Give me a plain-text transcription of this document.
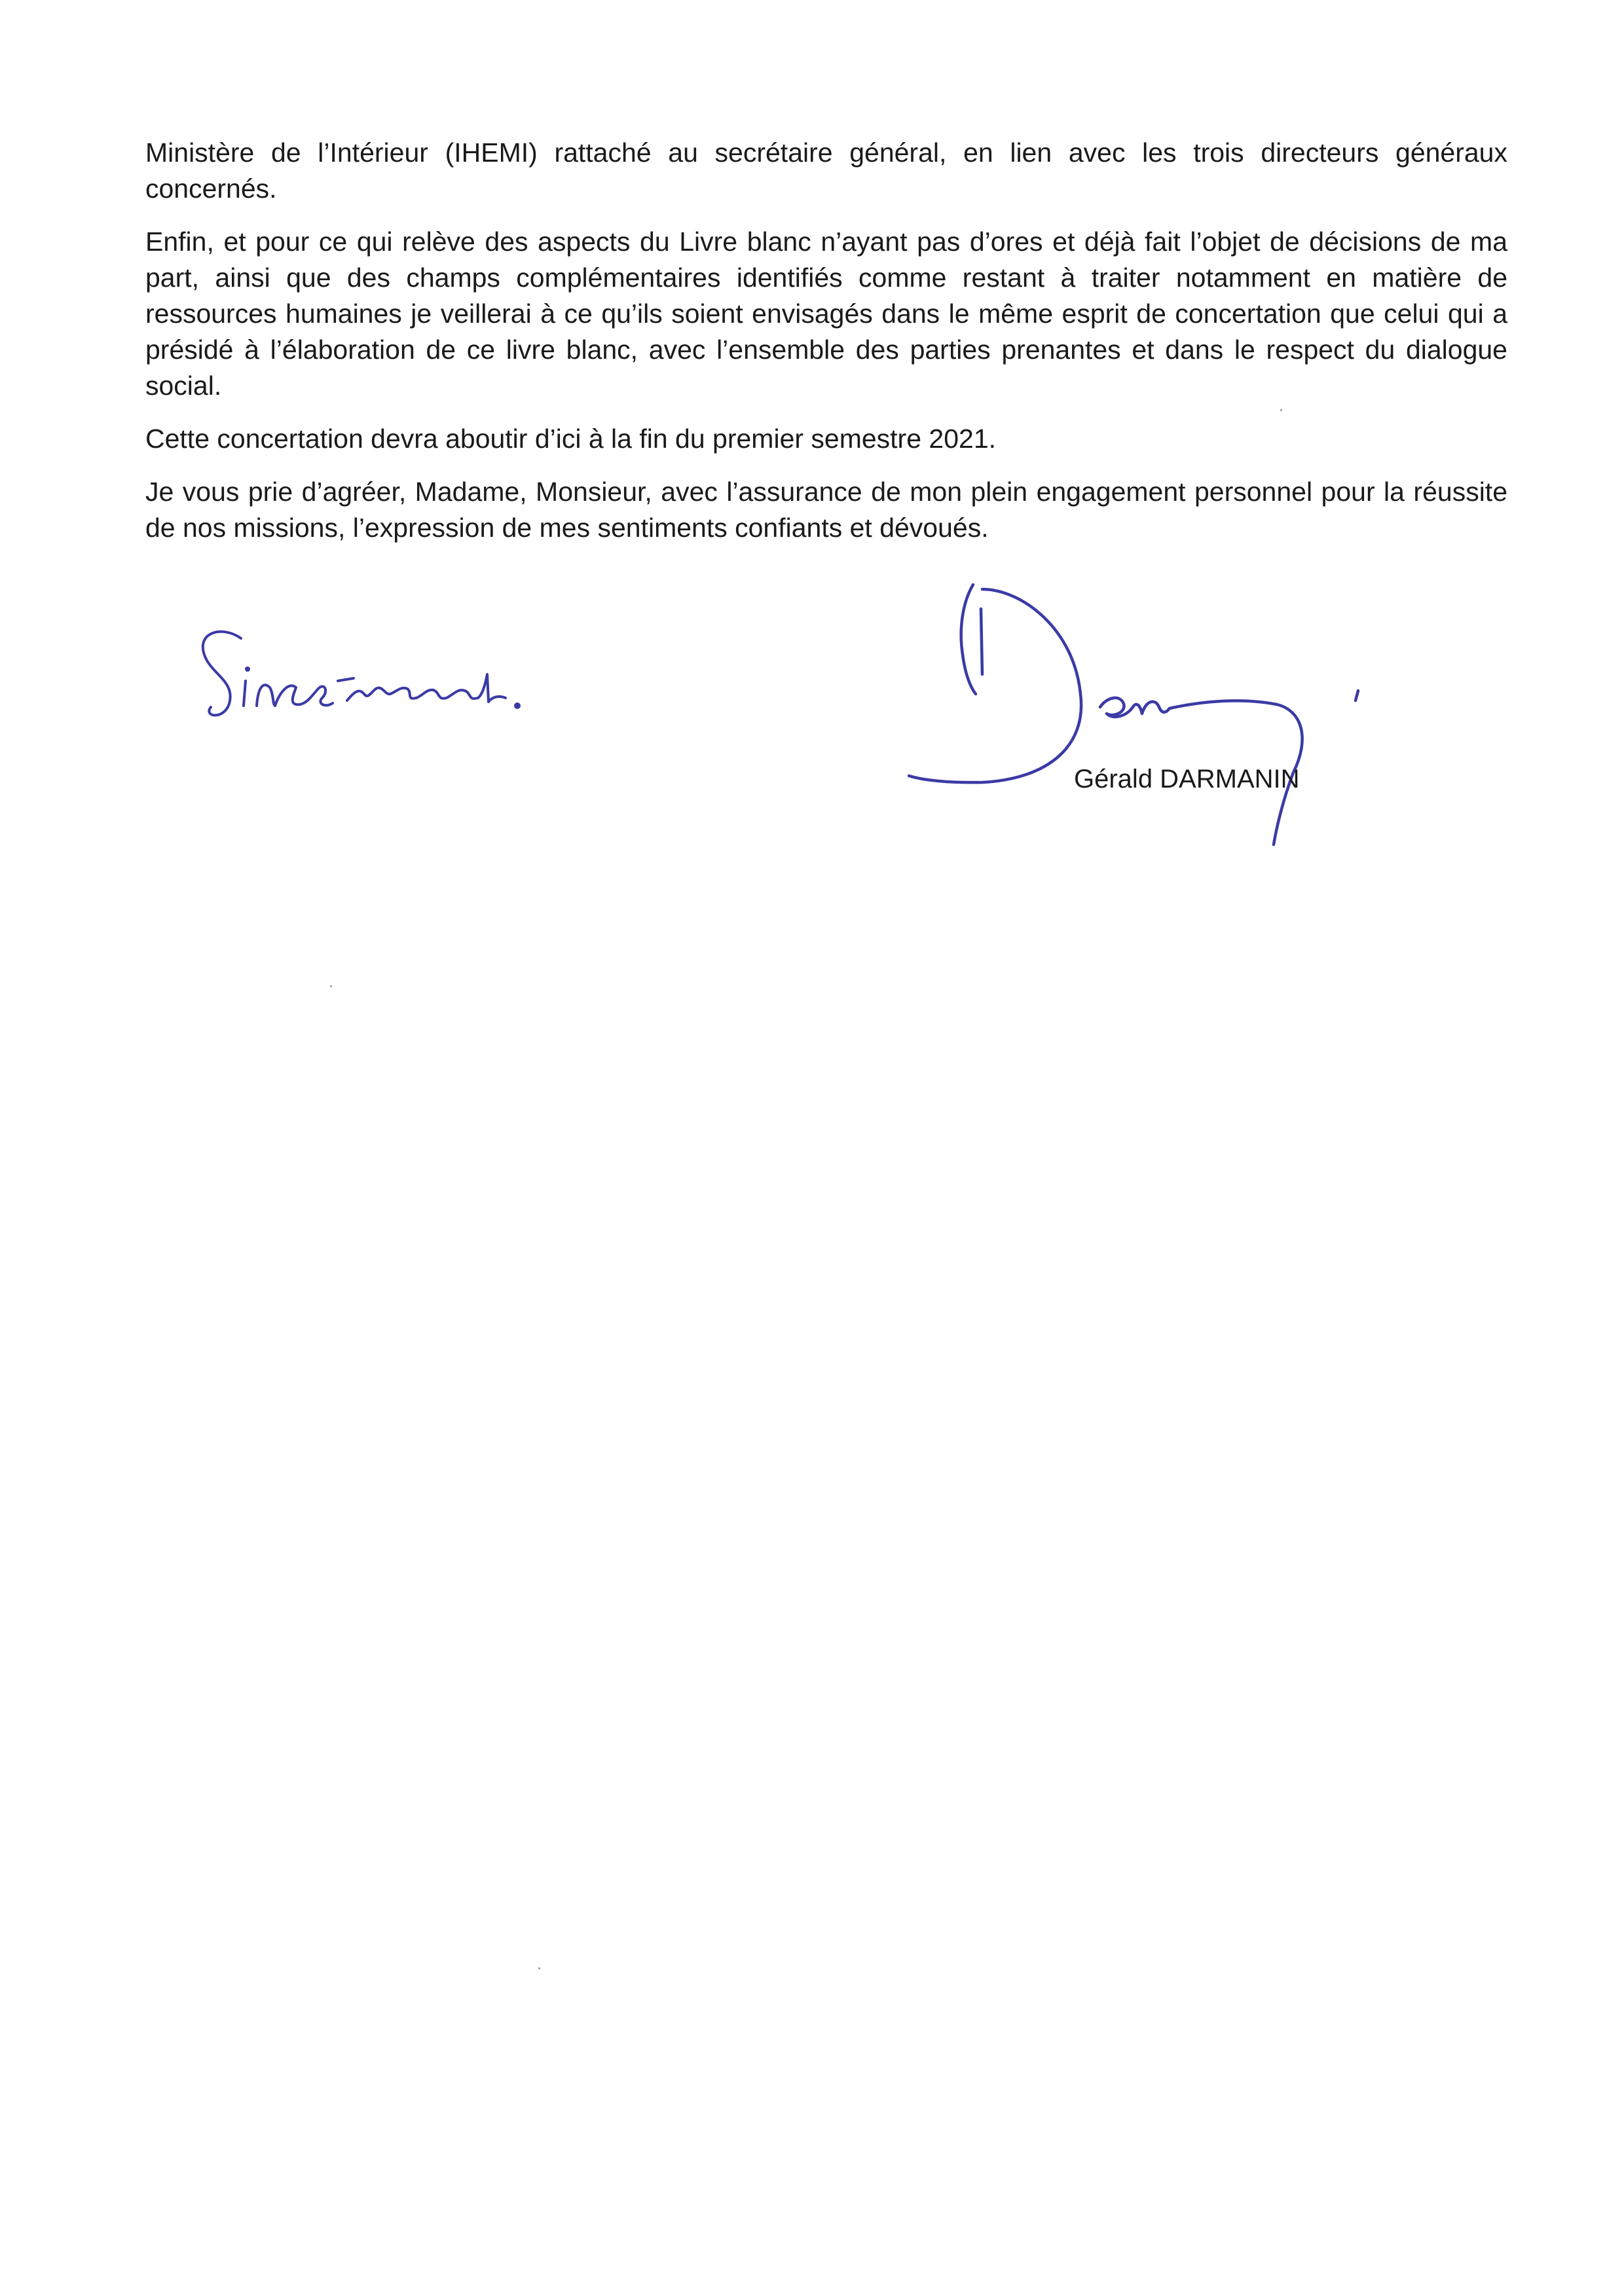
Ministère de l’Intérieur (IHEMI) rattaché au secrétaire général, en lien avec les trois directeurs généraux concernés.

Enfin, et pour ce qui relève des aspects du Livre blanc n’ayant pas d’ores et déjà fait l’objet de décisions de ma part, ainsi que des champs complémentaires identifiés comme restant à traiter notamment en matière de ressources humaines je veillerai à ce qu’ils soient envisagés dans le même esprit de concertation que celui qui a présidé à l’élaboration de ce livre blanc, avec l’ensemble des parties prenantes et dans le respect du dialogue social.

Cette concertation devra aboutir d’ici à la fin du premier semestre 2021.

Je vous prie d’agréer, Madame, Monsieur, avec l’assurance de mon plein engagement personnel pour la réussite de nos missions, l’expression de mes sentiments confiants et dévoués.

Gérald DARMANIN
